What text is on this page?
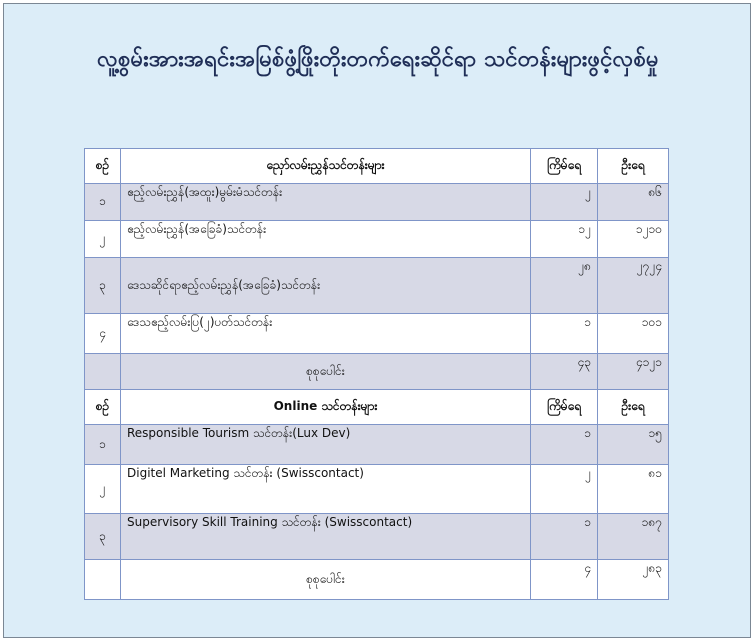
လူ့စွမ်းအားအရင်းအမြစ်ဖွံ့ဖြိုးတိုးတက်ရေးဆိုင်ရာ သင်တန်းများဖွင့်လှစ်မှု
စဉ်	ညှော်လမ်းညွှန်သင်တန်းများ	ကြိမ်ရေ	ဦးရေ
၁	ဧည့်လမ်းညွှန်(အထူး)မွမ်းမံသင်တန်း	၂	၈၆
၂	ဧည့်လမ်းညွှန်(အခြေခံ)သင်တန်း	၁၂	၁၂၁၀
၃	ဒေသဆိုင်ရာဧည့်လမ်းညွှန်(အခြေခံ)သင်တန်း	၂၈	၂၇၂၄
၄	ဒေသဧည့်လမ်းပြ(၂)ပတ်သင်တန်း	၁	၁၀၁
	စုစုပေါင်း	၄၃	၄၁၂၁
စဉ်	Online သင်တန်းများ	ကြိမ်ရေ	ဦးရေ
၁	Responsible Tourism သင်တန်း(Lux Dev)	၁	၁၅
၂	Digitel Marketing သင်တန်း (Swisscontact)	၂	၈၁
၃	Supervisory Skill Training သင်တန်း (Swisscontact)	၁	၁၈၇
	စုစုပေါင်း	၄	၂၈၃
